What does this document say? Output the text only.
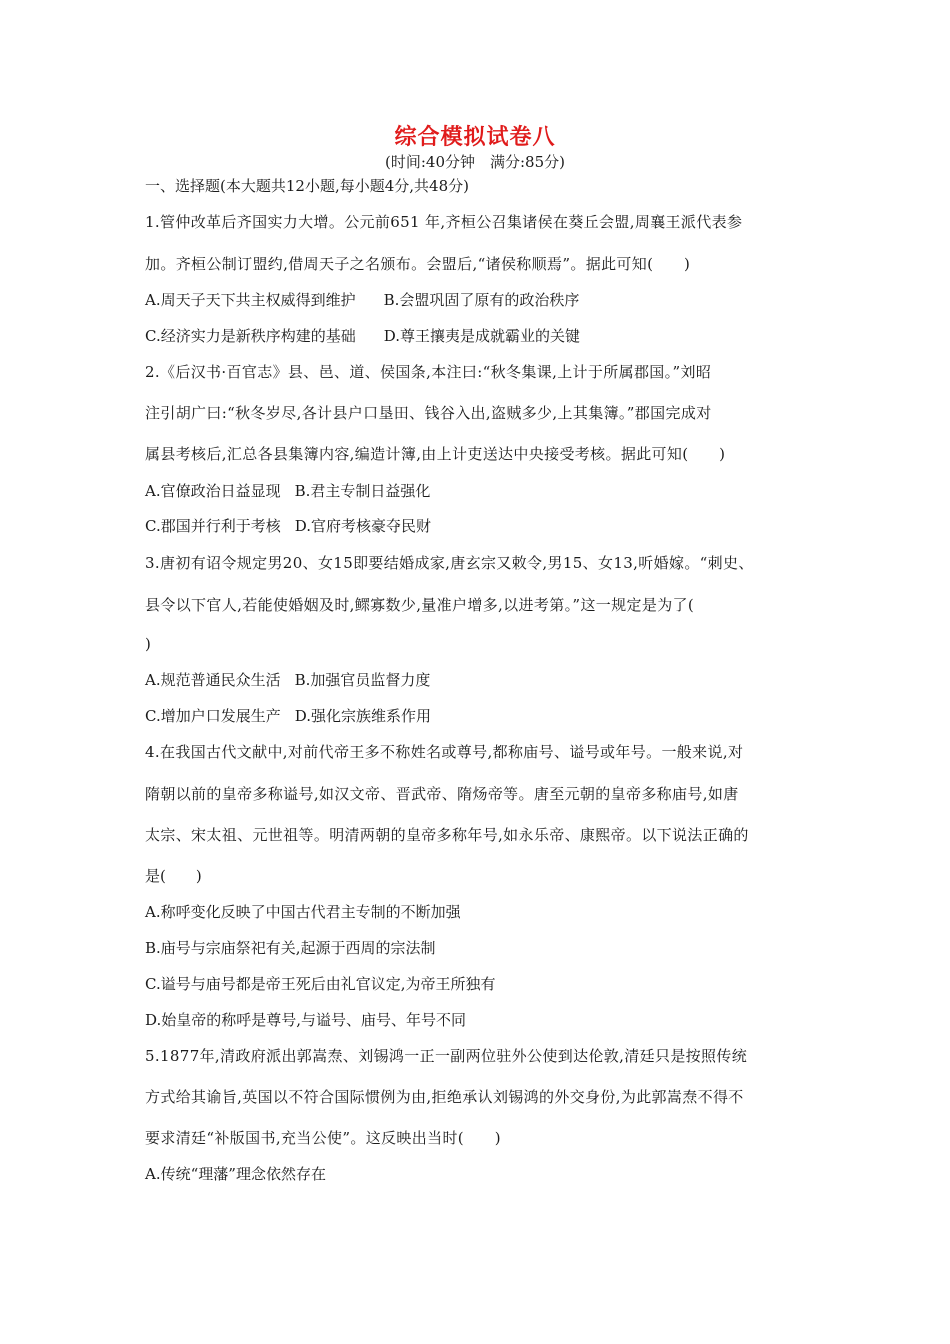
综合模拟试卷八
(时间:40分钟　满分:85分)
一、选择题(本大题共12小题,每小题4分,共48分)
1.管仲改革后齐国实力大增。公元前651 年,齐桓公召集诸侯在葵丘会盟,周襄王派代表参
加。齐桓公制订盟约,借周天子之名颁布。会盟后,“诸侯称顺焉”。据此可知(　　)
A.周天子天下共主权威得到维护 B.会盟巩固了原有的政治秩序
C.经济实力是新秩序构建的基础 D.尊王攘夷是成就霸业的关键
2.《后汉书·百官志》县、邑、道、侯国条,本注曰:“秋冬集课,上计于所属郡国。”刘昭
注引胡广曰:“秋冬岁尽,各计县户口垦田、钱谷入出,盗贼多少,上其集簿。”郡国完成对
属县考核后,汇总各县集簿内容,编造计簿,由上计吏送达中央接受考核。据此可知(　　)
A.官僚政治日益显现 B.君主专制日益强化
C.郡国并行利于考核 D.官府考核豪夺民财
3.唐初有诏令规定男20、女15即要结婚成家,唐玄宗又敕令,男15、女13,听婚嫁。“刺史、
县令以下官人,若能使婚姻及时,鳏寡数少,量准户增多,以进考第。”这一规定是为了(
)
A.规范普通民众生活 B.加强官员监督力度
C.增加户口发展生产 D.强化宗族维系作用
4.在我国古代文献中,对前代帝王多不称姓名或尊号,都称庙号、谥号或年号。一般来说,对
隋朝以前的皇帝多称谥号,如汉文帝、晋武帝、隋炀帝等。唐至元朝的皇帝多称庙号,如唐
太宗、宋太祖、元世祖等。明清两朝的皇帝多称年号,如永乐帝、康熙帝。以下说法正确的
是(　　)
A.称呼变化反映了中国古代君主专制的不断加强
B.庙号与宗庙祭祀有关,起源于西周的宗法制
C.谥号与庙号都是帝王死后由礼官议定,为帝王所独有
D.始皇帝的称呼是尊号,与谥号、庙号、年号不同
5.1877年,清政府派出郭嵩焘、刘锡鸿一正一副两位驻外公使到达伦敦,清廷只是按照传统
方式给其谕旨,英国以不符合国际惯例为由,拒绝承认刘锡鸿的外交身份,为此郭嵩焘不得不
要求清廷“补版国书,充当公使”。这反映出当时(　　)
A.传统“理藩”理念依然存在
